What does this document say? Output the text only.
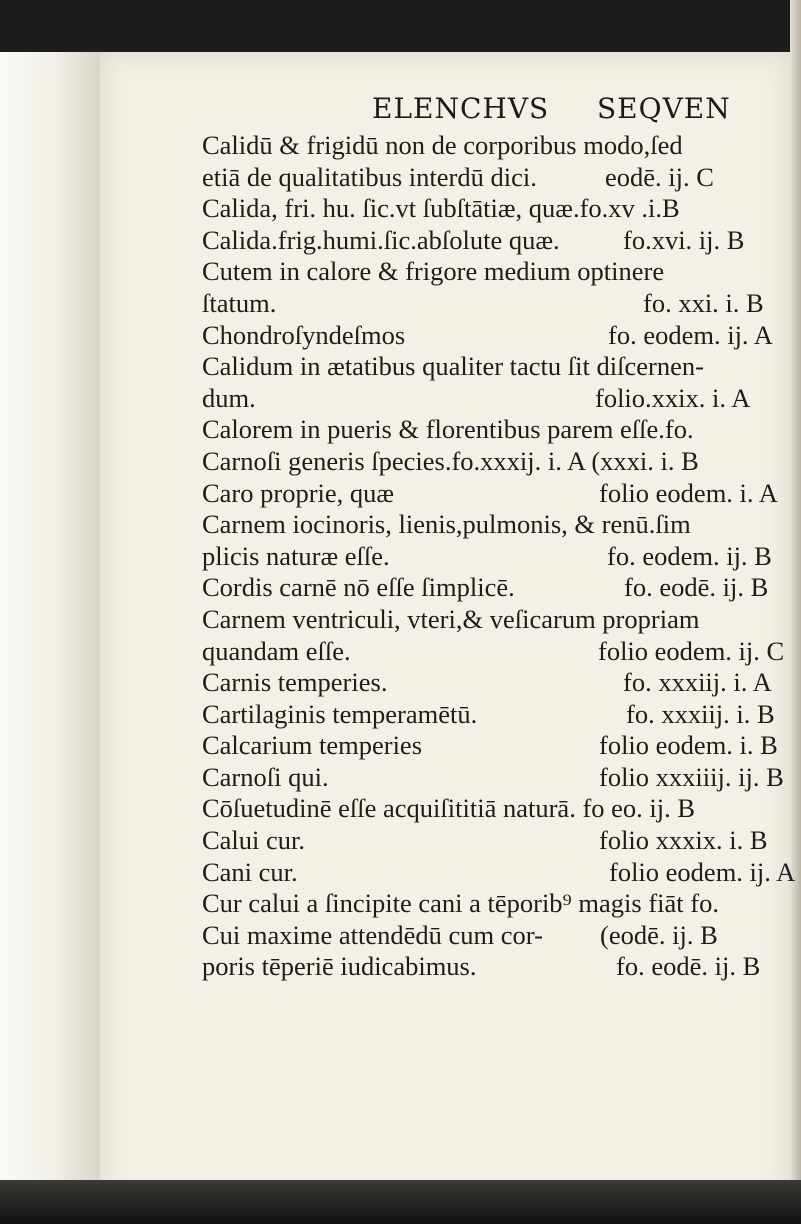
ELENCHVS SEQVEN
Calidū & frigidū non de corporibus modo,ſed
etiā de qualitatibus interdū dici.	eodē. ij. C
Calida, fri. hu. ſic.vt ſubſtātiæ, quæ.fo.xv .i.B
Calida.frig.humi.ſic.abſolute quæ. fo.xvi. ij. B
Cutem in calore & frigore medium optinere
ſtatum.	fo. xxi. i. B
Chondroſyndeſmos	fo. eodem. ij. A
Calidum in ætatibus qualiter tactu ſit diſcernen-
dum.	folio.xxix. i. A
Calorem in pueris & florentibus parem eſſe.fo.
Carnoſi generis ſpecies.fo.xxxij. i. A (xxxi. i. B
Caro proprie, quæ	folio eodem. i. A
Carnem iocinoris, lienis,pulmonis, & renū.ſim
plicis naturæ eſſe.	fo. eodem. ij. B
Cordis carnē nō eſſe ſimplicē.	fo. eodē. ij. B
Carnem ventriculi, vteri,& veſicarum propriam
quandam eſſe.	folio eodem. ij. C
Carnis temperies.	fo. xxxiij. i. A
Cartilaginis temperamētū.	fo. xxxiij. i. B
Calcarium temperies	folio eodem. i. B
Carnoſi qui.	folio xxxiiij. ij. B
Cōſuetudinē eſſe acquiſititiā naturā. fo eo. ij. B
Calui cur.	folio xxxix. i. B
Cani cur.	folio eodem. ij. A
Cur calui a ſincipite cani a tēporib⁹ magis fiāt fo.
Cui maxime attendēdū cum cor- (eodē. ij. B
poris tēperiē iudicabimus.	fo. eodē. ij. B
